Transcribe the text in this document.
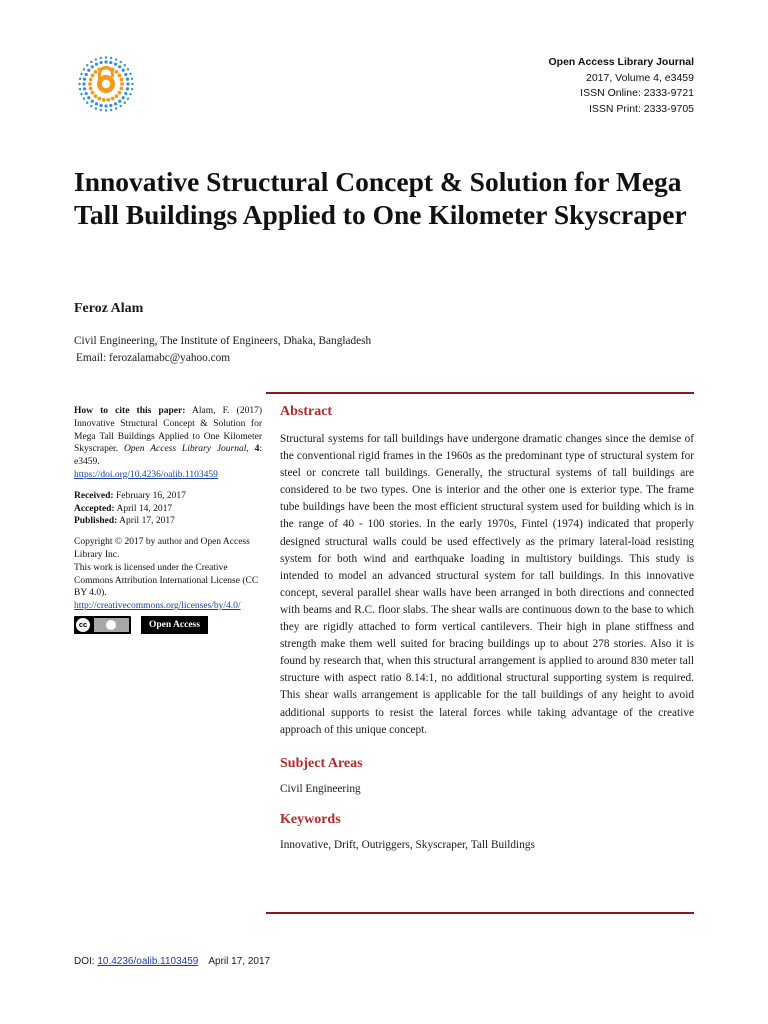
Open Access Library Journal
2017, Volume 4, e3459
ISSN Online: 2333-9721
ISSN Print: 2333-9705
Innovative Structural Concept & Solution for Mega Tall Buildings Applied to One Kilometer Skyscraper
Feroz Alam
Civil Engineering, The Institute of Engineers, Dhaka, Bangladesh
Email: ferozalamabc@yahoo.com

How to cite this paper: Alam, F. (2017) Innovative Structural Concept & Solution for Mega Tall Buildings Applied to One Kilometer Skyscraper. Open Access Library Journal, 4: e3459.

https://doi.org/10.4236/oalib.1103459

Received: February 16, 2017

Accepted: April 14, 2017

Published: April 17, 2017

Copyright © 2017 by author and Open Access Library Inc.

This work is licensed under the Creative Commons Attribution International License (CC BY 4.0).

http://creativecommons.org/licenses/by/4.0/

cc	Open Access
Abstract

Structural systems for tall buildings have undergone dramatic changes since the demise of the conventional rigid frames in the 1960s as the predominant type of structural system for steel or concrete tall buildings. Generally, the structural systems of tall buildings are considered to be two types. One is interior and the other one is exterior type. The frame tube buildings have been the most efficient structural system used for building which is in the range of 40 - 100 stories. In the early 1970s, Fintel (1974) indicated that properly designed structural walls could be used effectively as the primary lateral-load resisting system for both wind and earthquake loading in multistory buildings. This study is intended to model an advanced structural system for tall buildings. In this innovative concept, several parallel shear walls have been arranged in both directions and connected with beams and R.C. floor slabs. The shear walls are continuous down to the base to which they are rigidly attached to form vertical cantilevers. Their high in plane stiffness and strength make them well suited for bracing buildings up to about 278 stories. Also it is found by research that, when this structural arrangement is applied to around 830 meter tall structure with aspect ratio 8.14:1, no additional structural supporting system is required. This shear walls arrangement is applicable for the tall buildings of any height to avoid additional supports to resist the lateral forces while taking advantage of the creative approach of this unique concept.

Subject Areas

Civil Engineering

Keywords

Innovative, Drift, Outriggers, Skyscraper, Tall Buildings

DOI: 10.4236/oalib.1103459 April 17, 2017
